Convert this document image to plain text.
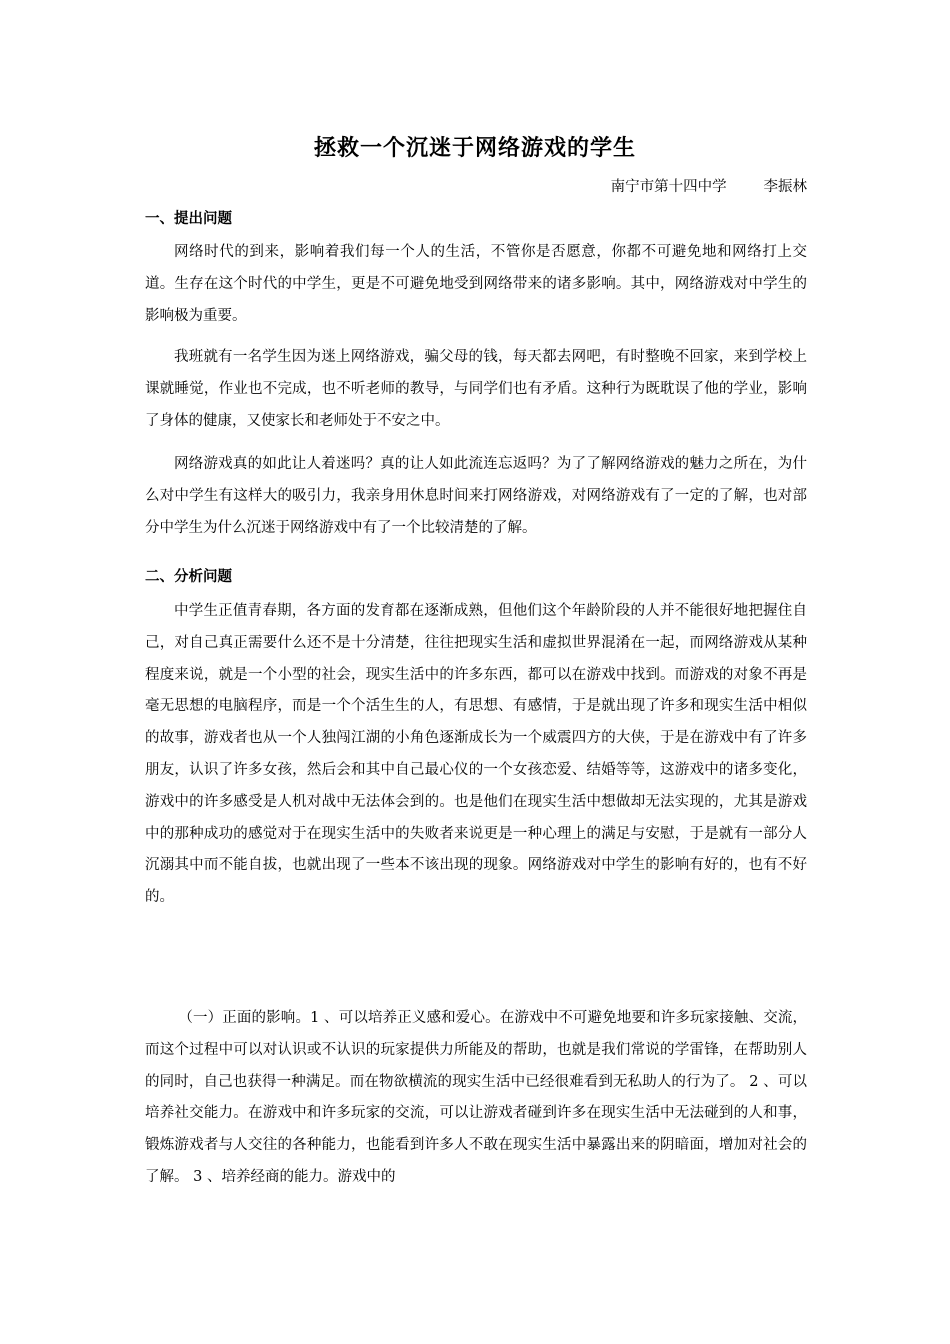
拯救一个沉迷于网络游戏的学生
南宁市第十四中学        李振林
一、提出问题

网络时代的到来，影响着我们每一个人的生活，不管你是否愿意，你都不可避免地和网络打上交道。生存在这个时代的中学生，更是不可避免地受到网络带来的诸多影响。其中，网络游戏对中学生的影响极为重要。

我班就有一名学生因为迷上网络游戏，骗父母的钱，每天都去网吧，有时整晚不回家，来到学校上课就睡觉，作业也不完成，也不听老师的教导，与同学们也有矛盾。这种行为既耽误了他的学业，影响了身体的健康，又使家长和老师处于不安之中。

网络游戏真的如此让人着迷吗？真的让人如此流连忘返吗？为了了解网络游戏的魅力之所在，为什么对中学生有这样大的吸引力，我亲身用休息时间来打网络游戏，对网络游戏有了一定的了解，也对部分中学生为什么沉迷于网络游戏中有了一个比较清楚的了解。

二、分析问题

中学生正值青春期，各方面的发育都在逐渐成熟，但他们这个年龄阶段的人并不能很好地把握住自己，对自己真正需要什么还不是十分清楚，往往把现实生活和虚拟世界混淆在一起，而网络游戏从某种程度来说，就是一个小型的社会，现实生活中的许多东西，都可以在游戏中找到。而游戏的对象不再是毫无思想的电脑程序，而是一个个活生生的人，有思想、有感情，于是就出现了许多和现实生活中相似的故事，游戏者也从一个人独闯江湖的小角色逐渐成长为一个威震四方的大侠，于是在游戏中有了许多朋友，认识了许多女孩，然后会和其中自己最心仪的一个女孩恋爱、结婚等等，这游戏中的诸多变化，游戏中的许多感受是人机对战中无法体会到的。也是他们在现实生活中想做却无法实现的，尤其是游戏中的那种成功的感觉对于在现实生活中的失败者来说更是一种心理上的满足与安慰，于是就有一部分人沉溺其中而不能自拔，也就出现了一些本不该出现的现象。网络游戏对中学生的影响有好的，也有不好的。

（一）正面的影响。1 、可以培养正义感和爱心。在游戏中不可避免地要和许多玩家接触、交流，而这个过程中可以对认识或不认识的玩家提供力所能及的帮助，也就是我们常说的学雷锋，在帮助别人的同时，自己也获得一种满足。而在物欲横流的现实生活中已经很难看到无私助人的行为了。 2 、可以培养社交能力。在游戏中和许多玩家的交流，可以让游戏者碰到许多在现实生活中无法碰到的人和事，锻炼游戏者与人交往的各种能力，也能看到许多人不敢在现实生活中暴露出来的阴暗面，增加对社会的了解。 3 、培养经商的能力。游戏中的
